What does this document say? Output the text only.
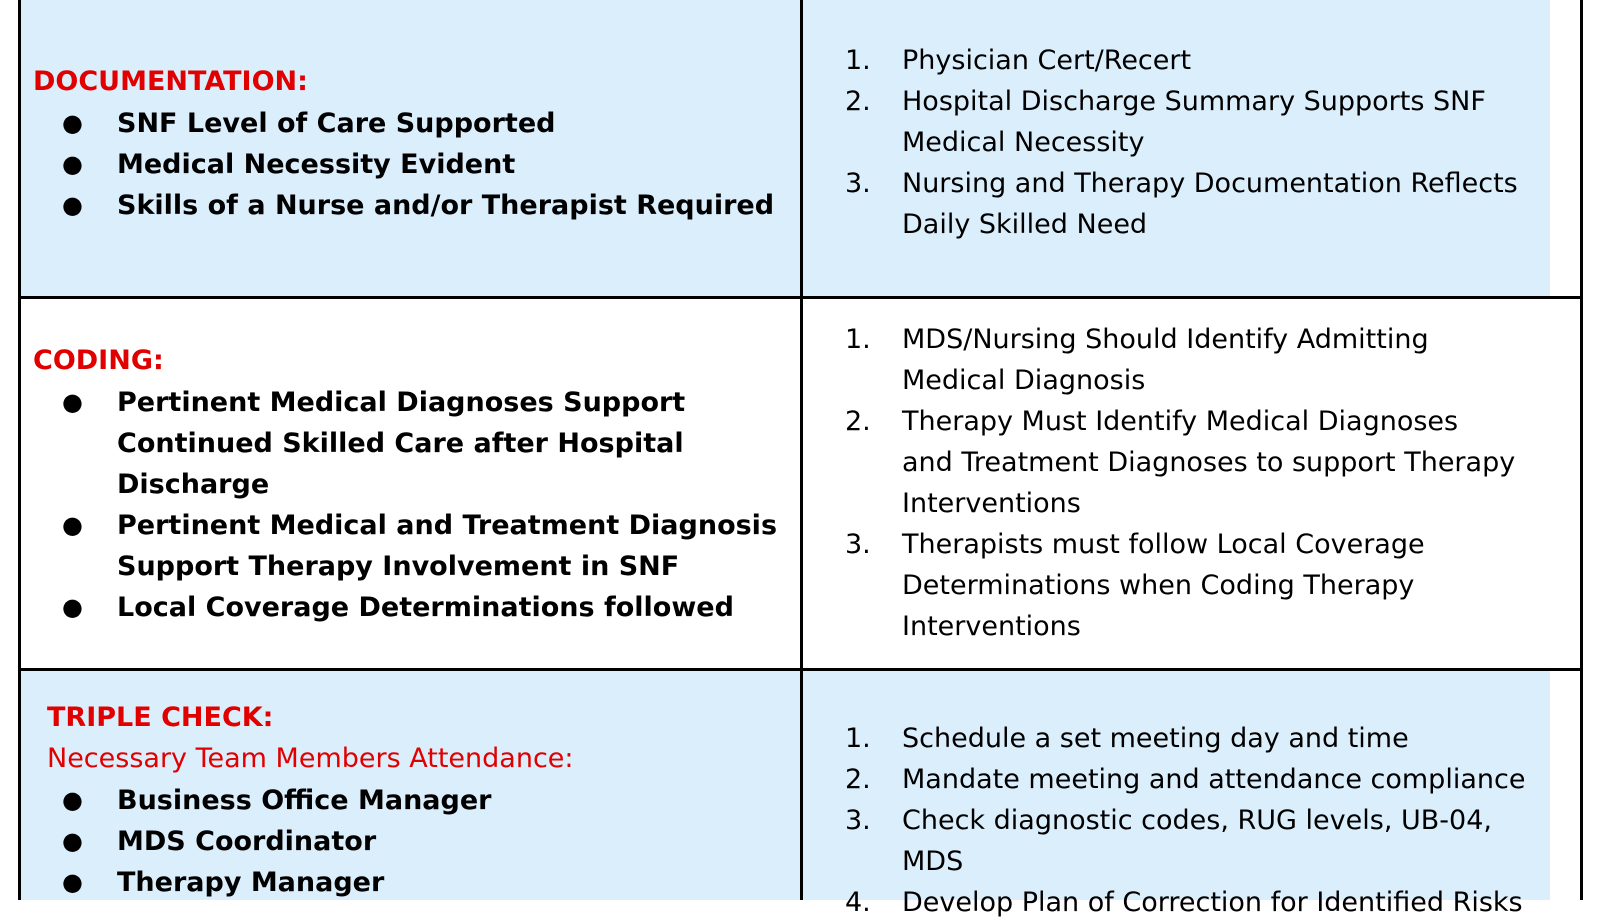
DOCUMENTATION:
● SNF Level of Care Supported
● Medical Necessity Evident
● Skills of a Nurse and/or Therapist Required
1. Physician Cert/Recert
2. Hospital Discharge Summary Supports SNF
Medical Necessity
3. Nursing and Therapy Documentation Reflects
Daily Skilled Need
CODING:
● Pertinent Medical Diagnoses Support
Continued Skilled Care after Hospital
Discharge
● Pertinent Medical and Treatment Diagnosis
Support Therapy Involvement in SNF
● Local Coverage Determinations followed
1. MDS/Nursing Should Identify Admitting
Medical Diagnosis
2. Therapy Must Identify Medical Diagnoses
and Treatment Diagnoses to support Therapy
Interventions
3. Therapists must follow Local Coverage
Determinations when Coding Therapy
Interventions
TRIPLE CHECK:
Necessary Team Members Attendance:
● Business Office Manager
● MDS Coordinator
● Therapy Manager
1. Schedule a set meeting day and time
2. Mandate meeting and attendance compliance
3. Check diagnostic codes, RUG levels, UB-04,
MDS
4. Develop Plan of Correction for Identified Risks
